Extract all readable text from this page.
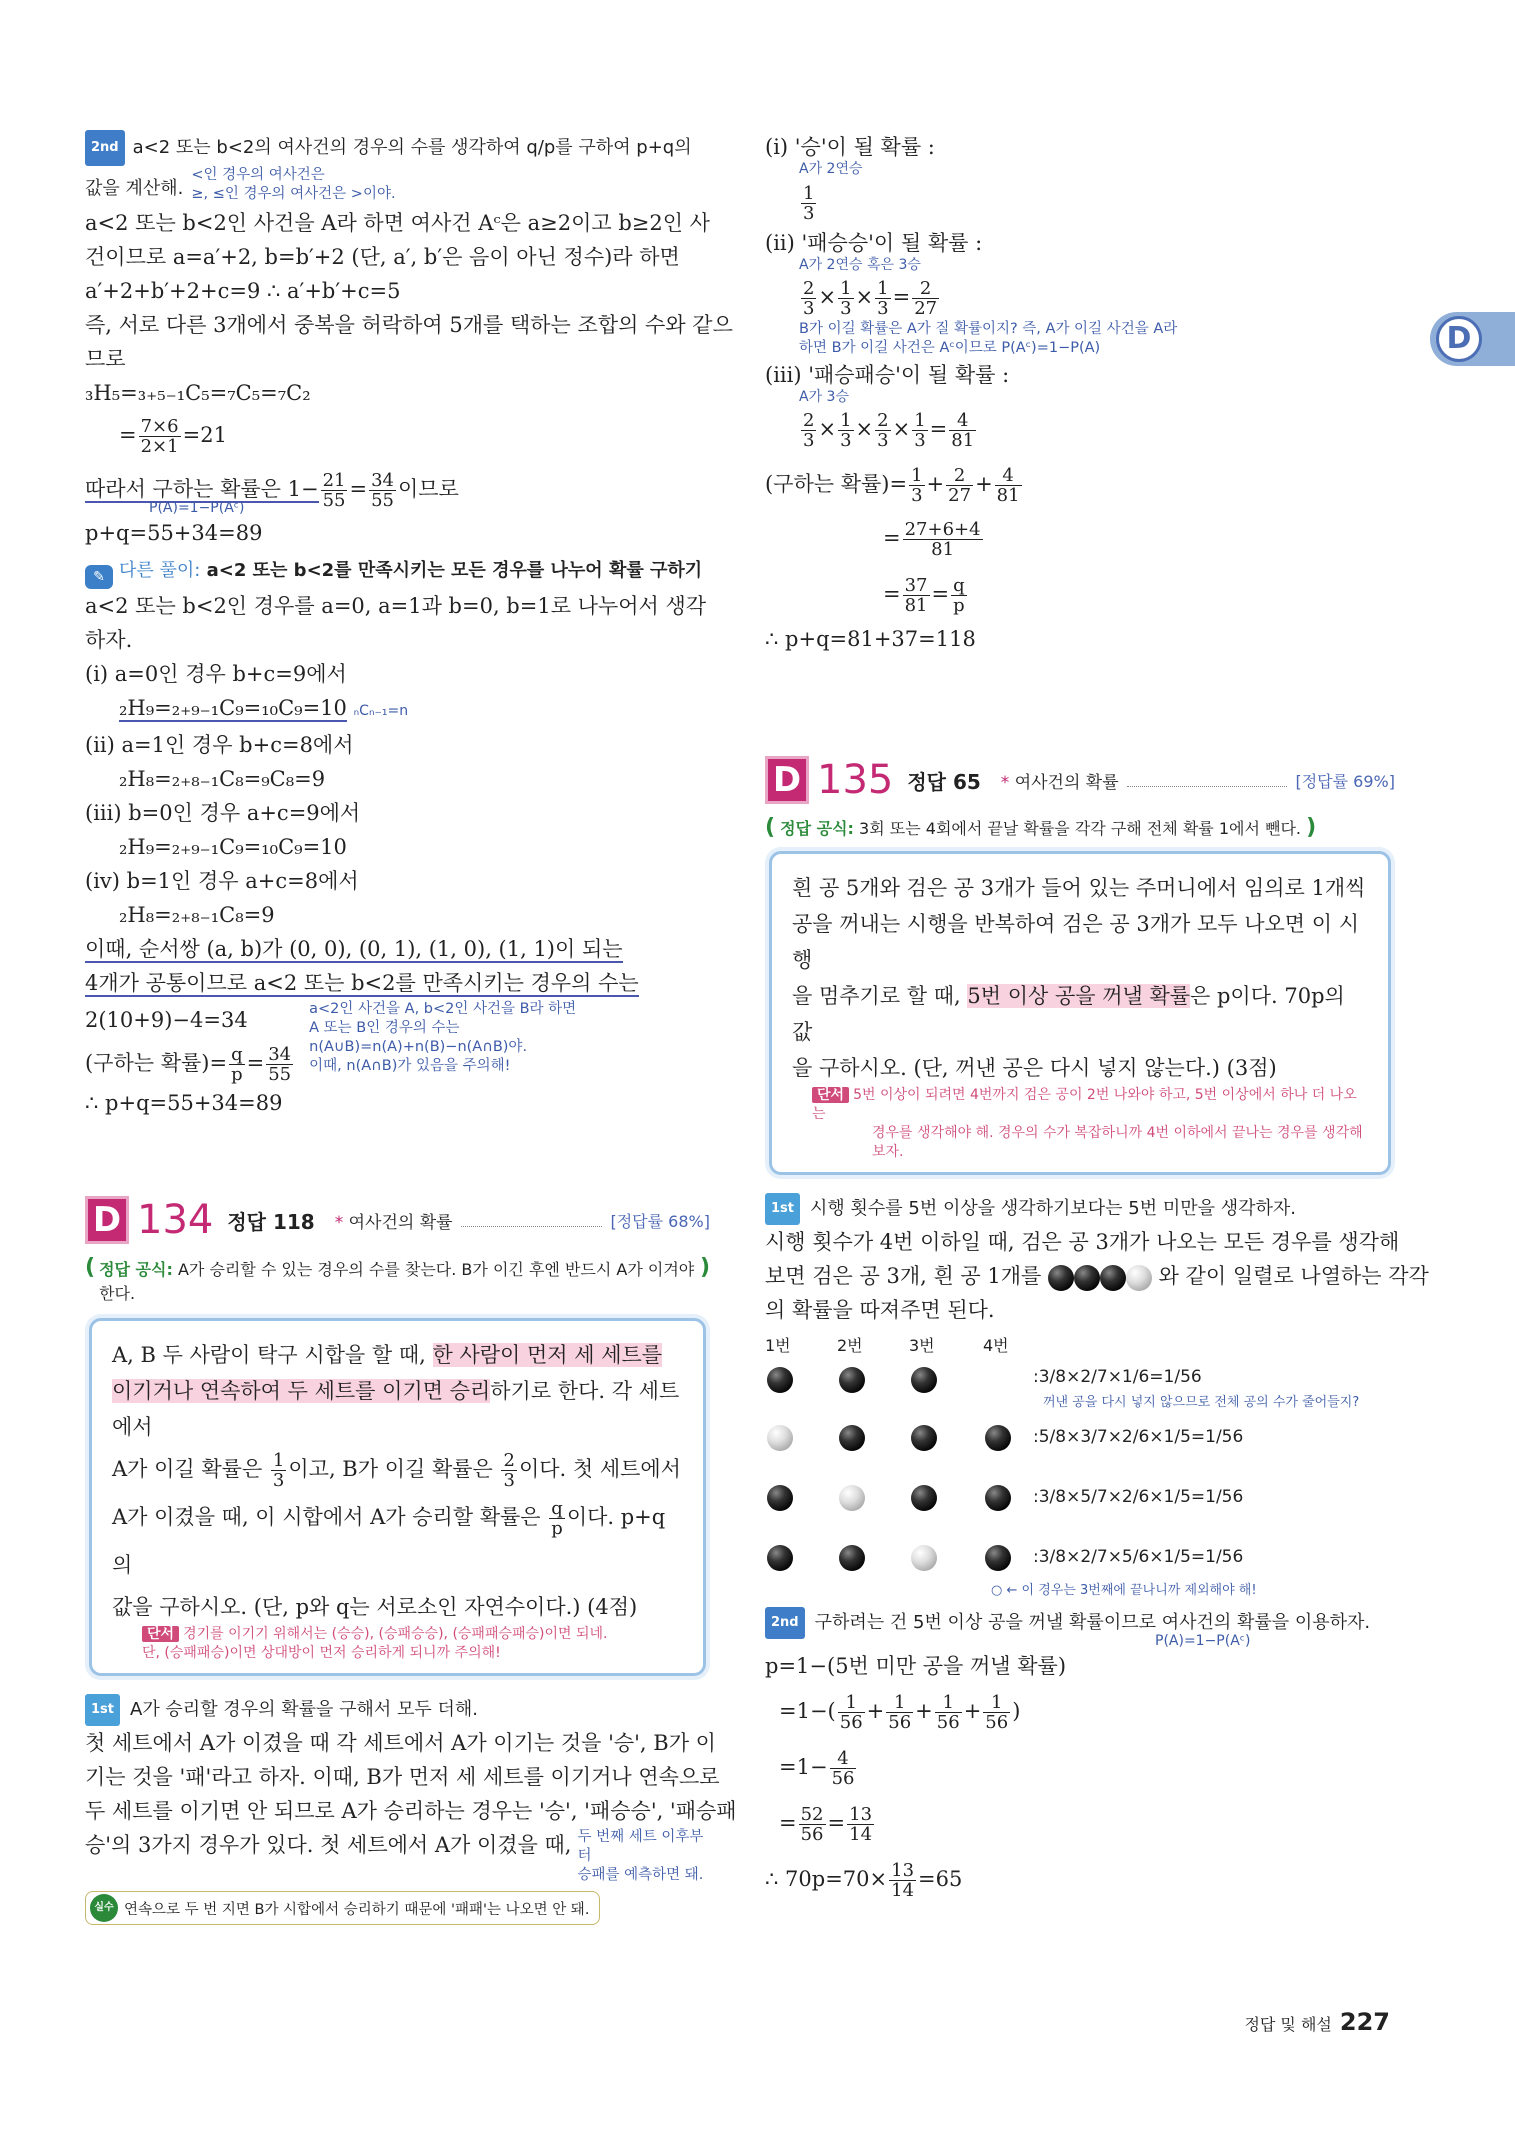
D
2nd a<2 또는 b<2의 여사건의 경우의 수를 생각하여 q/p를 구하여 p+q의
값을 계산해.
<인 경우의 여사건은
≥, ≤인 경우의 여사건은 >이야.
a<2 또는 b<2인 사건을 A라 하면 여사건 Aᶜ은 a≥2이고 b≥2인 사
건이므로 a=a′+2, b=b′+2 (단, a′, b′은 음이 아닌 정수)라 하면
a′+2+b′+2+c=9 ∴ a′+b′+c=5
즉, 서로 다른 3개에서 중복을 허락하여 5개를 택하는 조합의 수와 같으
므로
₃H₅=₃₊₅₋₁C₅=₇C₅=₇C₂
= $\frac{7\times 6}{2\times 1} =21$
따라서 구하는 확률은 $1- \frac{21}{55} = \frac{34}{55}$ 이므로
P(A)=1−P(Aᶜ)
p+q=55+34=89
✎ 다른 풀이: a<2 또는 b<2를 만족시키는 모든 경우를 나누어 확률 구하기
a<2 또는 b<2인 경우를 a=0, a=1과 b=0, b=1로 나누어서 생각
하자.
(i) a=0인 경우 b+c=9에서
₂H₉=₂₊₉₋₁C₉=₁₀C₉=10 ₙCₙ₋₁=n
(ii) a=1인 경우 b+c=8에서
₂H₈=₂₊₈₋₁C₈=₉C₈=9
(iii) b=0인 경우 a+c=9에서
₂H₉=₂₊₉₋₁C₉=₁₀C₉=10
(iv) b=1인 경우 a+c=8에서
₂H₈=₂₊₈₋₁C₈=9
이때, 순서쌍 (a, b)가 (0, 0), (0, 1), (1, 0), (1, 1)이 되는
4개가 공통이므로 a<2 또는 b<2를 만족시키는 경우의 수는
2(10+9)−4=34
(구하는 확률)= $\frac{q}{p} = \frac{34}{55}$
a<2인 사건을 A, b<2인 사건을 B라 하면
A 또는 B인 경우의 수는
n(A∪B)=n(A)+n(B)−n(A∩B)야.
이때, n(A∩B)가 있음을 주의해!
∴ p+q=55+34=89
D 134 정답 118 * 여사건의 확률	[정답률 68%]
( 정답 공식: A가 승리할 수 있는 경우의 수를 찾는다. B가 이긴 후엔 반드시 A가 이겨야 한다.
)
A, B 두 사람이 탁구 시합을 할 때, 한 사람이 먼저 세 세트를 이기거나 연속하여 두 세트를 이기면 승리하기로 한다. 각 세트에서
A가 이길 확률은 $\frac{1}{3}$ 이고, B가 이길 확률은 $\frac{2}{3}$ 이다. 첫 세트에서
A가 이겼을 때, 이 시합에서 A가 승리할 확률은 $\frac{q}{p}$ 이다. p+q의
값을 구하시오. (단, p와 q는 서로소인 자연수이다.) (4점)
단서 경기를 이기기 위해서는 (승승), (승패승승), (승패패승패승)이면 되네.
단, (승패패승)이면 상대방이 먼저 승리하게 되니까 주의해!
1st A가 승리할 경우의 확률을 구해서 모두 더해.
첫 세트에서 A가 이겼을 때 각 세트에서 A가 이기는 것을 '승', B가 이
기는 것을 '패'라고 하자. 이때, B가 먼저 세 세트를 이기거나 연속으로
두 세트를 이기면 안 되므로 A가 승리하는 경우는 '승', '패승승', '패승패
승'의 3가지 경우가 있다. 첫 세트에서 A가 이겼을 때, 두 번째 세트 이후부터
승패를 예측하면 돼.
실수 연속으로 두 번 지면 B가 시합에서 승리하기 때문에 '패패'는 나오면 안 돼.
(i) '승'이 될 확률 :
A가 2연승
$\frac{1}{3}$
(ii) '패승승'이 될 확률 :
A가 2연승 혹은 3승
$\frac{2}{3} \times \frac{1}{3} \times \frac{1}{3} = \frac{2}{27}$
B가 이길 확률은 A가 질 확률이지? 즉, A가 이길 사건을 A라
하면 B가 이길 사건은 Aᶜ이므로 P(Aᶜ)=1−P(A)
(iii) '패승패승'이 될 확률 :
A가 3승
$\frac{2}{3} \times \frac{1}{3} \times \frac{2}{3} \times \frac{1}{3} = \frac{4}{81}$
(구하는 확률)= $\frac{1}{3} + \frac{2}{27} + \frac{4}{81}$
= $\frac{27+6+4}{81}$
= $\frac{37}{81} = \frac{q}{p}$
∴ p+q=81+37=118
D 135 정답 65 * 여사건의 확률	[정답률 69%]
( 정답 공식: 3회 또는 4회에서 끝날 확률을 각각 구해 전체 확률 1에서 뺀다. )
흰 공 5개와 검은 공 3개가 들어 있는 주머니에서 임의로 1개씩
공을 꺼내는 시행을 반복하여 검은 공 3개가 모두 나오면 이 시행
을 멈추기로 할 때, 5번 이상 공을 꺼낼 확률은 p이다. 70p의 값
을 구하시오. (단, 꺼낸 공은 다시 넣지 않는다.) (3점)
단서 5번 이상이 되려면 4번까지 검은 공이 2번 나와야 하고, 5번 이상에서 하나 더 나오는
경우를 생각해야 해. 경우의 수가 복잡하니까 4번 이하에서 끝나는 경우를 생각해 보자.
1st 시행 횟수를 5번 이상을 생각하기보다는 5번 미만을 생각하자.
시행 횟수가 4번 이하일 때, 검은 공 3개가 나오는 모든 경우를 생각해
보면 검은 공 3개, 흰 공 1개를	와 같이 일렬로 나열하는 각각
의 확률을 따져주면 된다.
1번	2번	3번	4번
:3/8×2/7×1/6=1/56
꺼낸 공을 다시 넣지 않으므로 전체 공의 수가 줄어들지?
:5/8×3/7×2/6×1/5=1/56
:3/8×5/7×2/6×1/5=1/56
:3/8×2/7×5/6×1/5=1/56
○ ← 이 경우는 3번째에 끝나니까 제외해야 해!
2nd 구하려는 건 5번 이상 공을 꺼낼 확률이므로 여사건의 확률을 이용하자.
P(A)=1−P(Aᶜ)
p=1−(5번 미만 공을 꺼낼 확률)
$=1-( \frac{1}{56} + \frac{1}{56} + \frac{1}{56} + \frac{1}{56}$ )
$=1- \frac{4}{56}$
= $\frac{52}{56} = \frac{13}{14}$
∴ $70p=70\times \frac{13}{14} =65$
정답 및 해설 227
